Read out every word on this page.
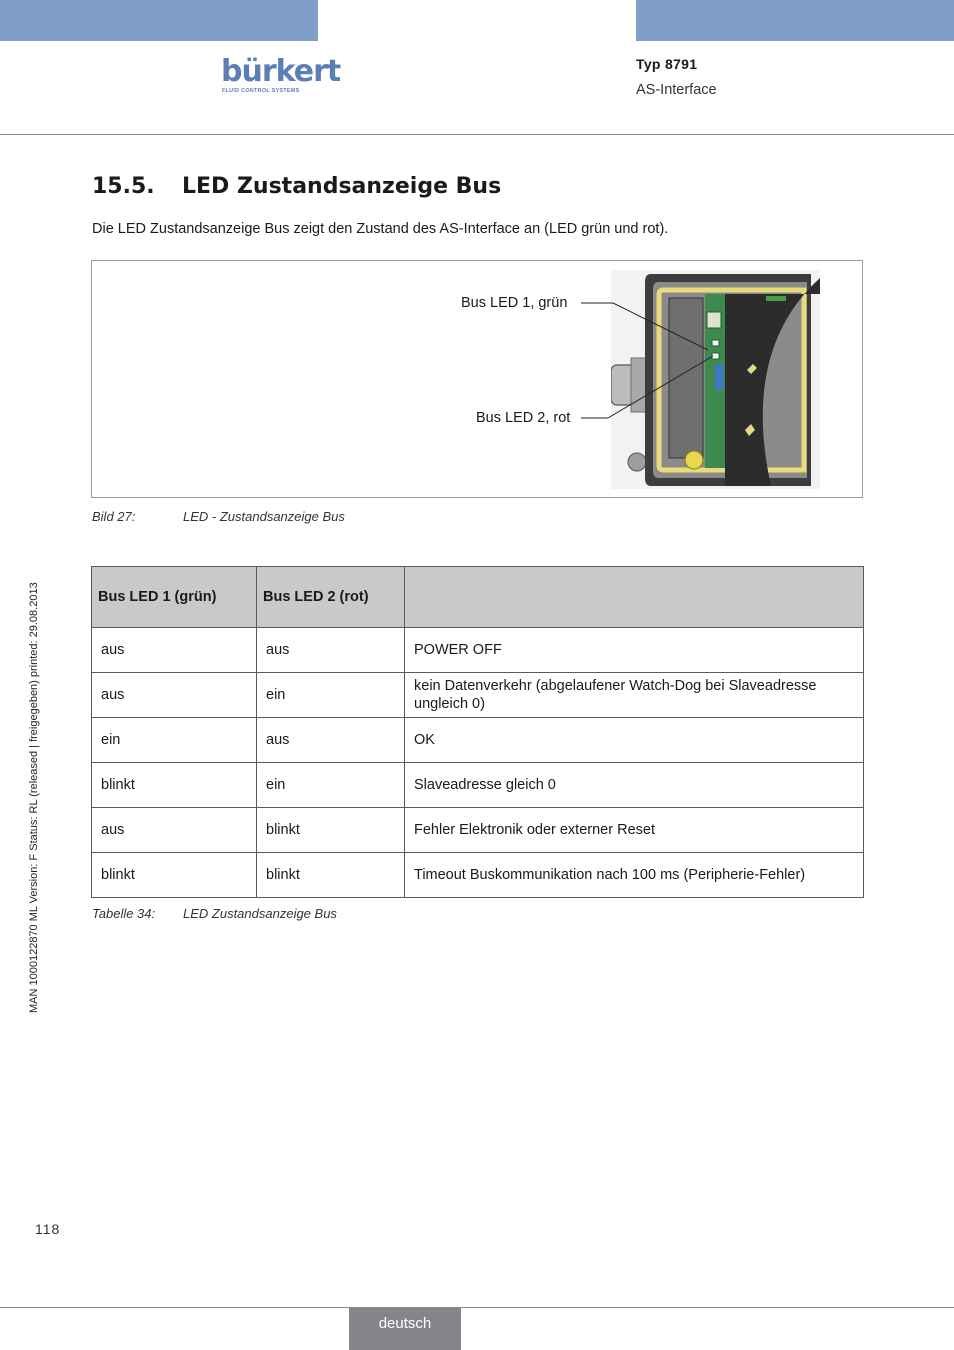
bürkert
FLUID CONTROL SYSTEMS
Typ 8791
AS-Interface
15.5. LED Zustandsanzeige Bus
Die LED Zustandsanzeige Bus zeigt den Zustand des AS-Interface an (LED grün und rot).
Bus LED 1, grün
Bus LED 2, rot
Bild 27:	LED - Zustandsanzeige Bus
Bus LED 1 (grün)	Bus LED 2 (rot)	
aus	aus	POWER OFF
aus	ein	kein Datenverkehr (abgelaufener Watch-Dog bei Slaveadresse ungleich 0)
ein	aus	OK
blinkt	ein	Slaveadresse gleich 0
aus	blinkt	Fehler Elektronik oder externer Reset
blinkt	blinkt	Timeout Buskommunikation nach 100 ms (Peripherie-Fehler)
Tabelle 34: LED Zustandsanzeige Bus
MAN 1000122870 ML Version: F Status: RL (released | freigegeben) printed: 29.08.2013
118
deutsch
